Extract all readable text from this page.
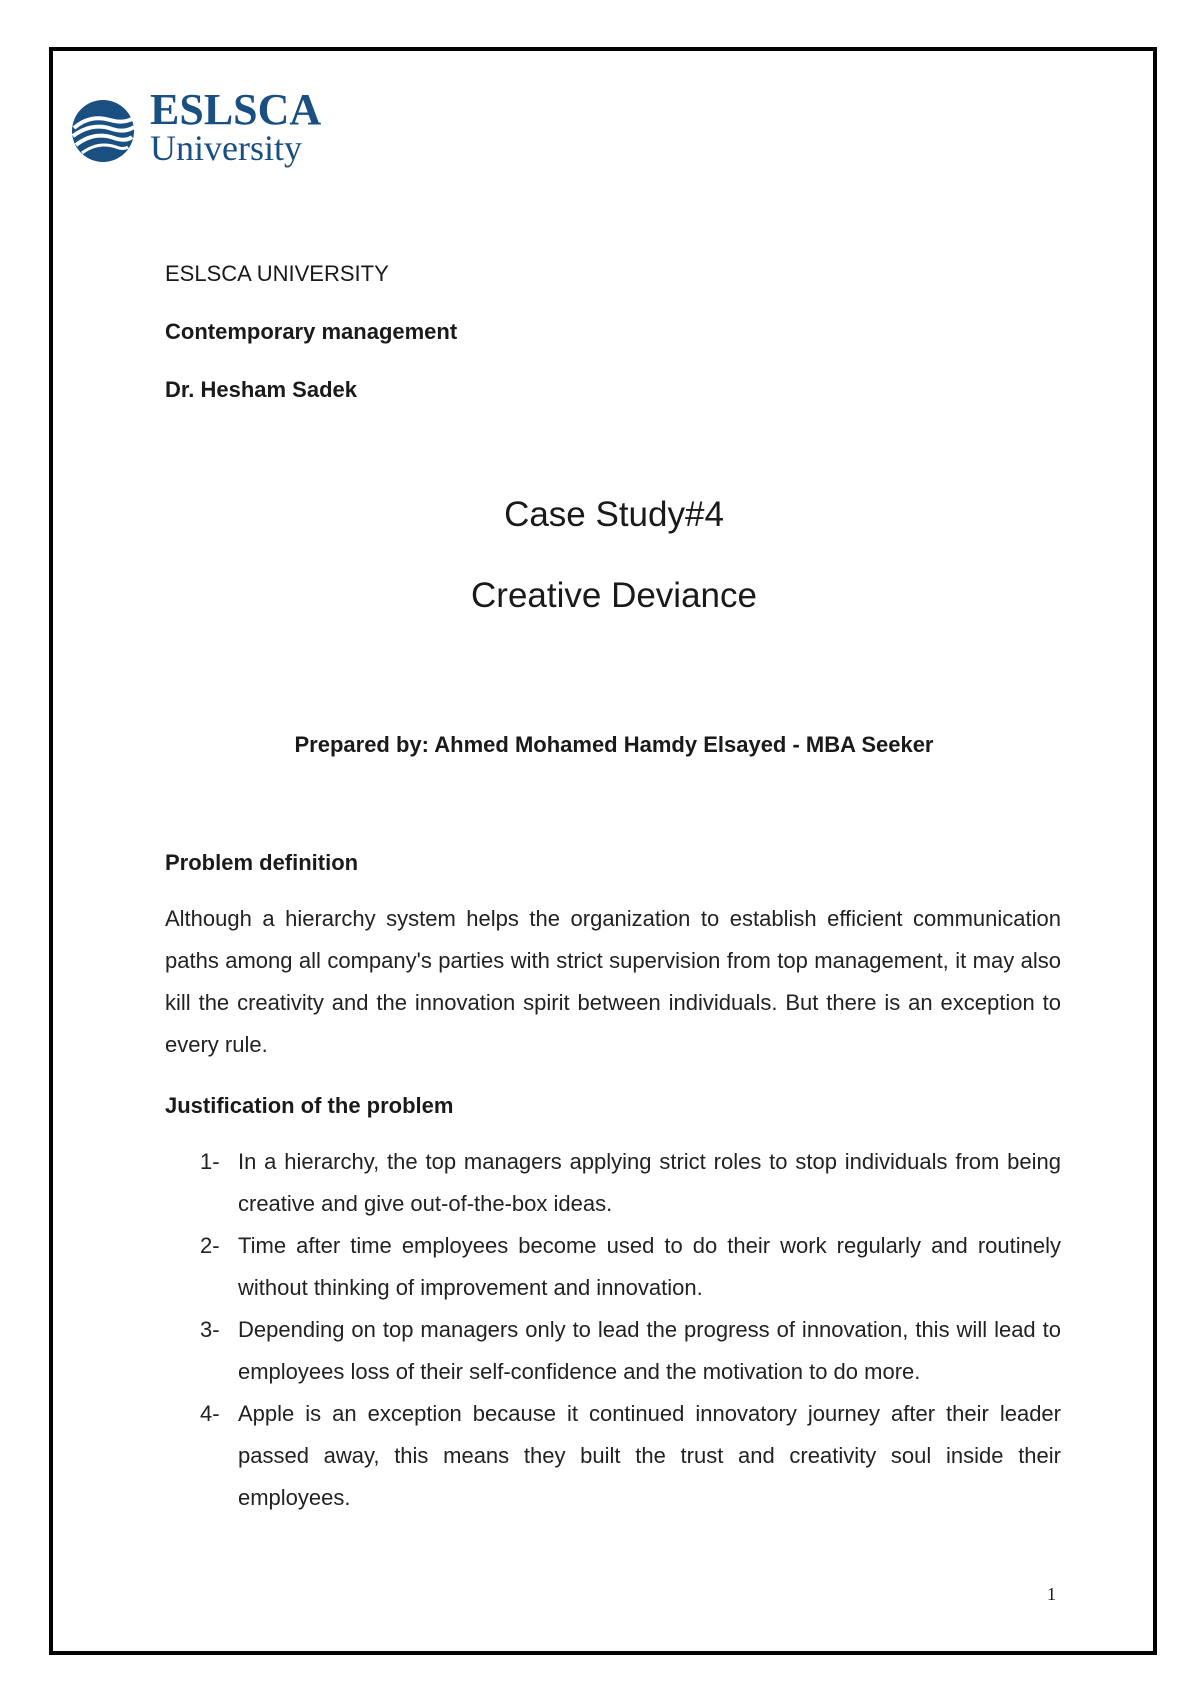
ESLSCA
University
ESLSCA UNIVERSITY
Contemporary management
Dr. Hesham Sadek
Case Study#4
Creative Deviance
Prepared by: Ahmed Mohamed Hamdy Elsayed - MBA Seeker
Problem definition
Although a hierarchy system helps the organization to establish efficient communication paths among all company's parties with strict supervision from top management, it may also kill the creativity and the innovation spirit between individuals. But there is an exception to every rule.
Justification of the problem
1- In a hierarchy, the top managers applying strict roles to stop individuals from being creative and give out-of-the-box ideas.
2- Time after time employees become used to do their work regularly and routinely without thinking of improvement and innovation.
3- Depending on top managers only to lead the progress of innovation, this will lead to employees loss of their self-confidence and the motivation to do more.
4- Apple is an exception because it continued innovatory journey after their leader passed away, this means they built the trust and creativity soul inside their employees.
1
